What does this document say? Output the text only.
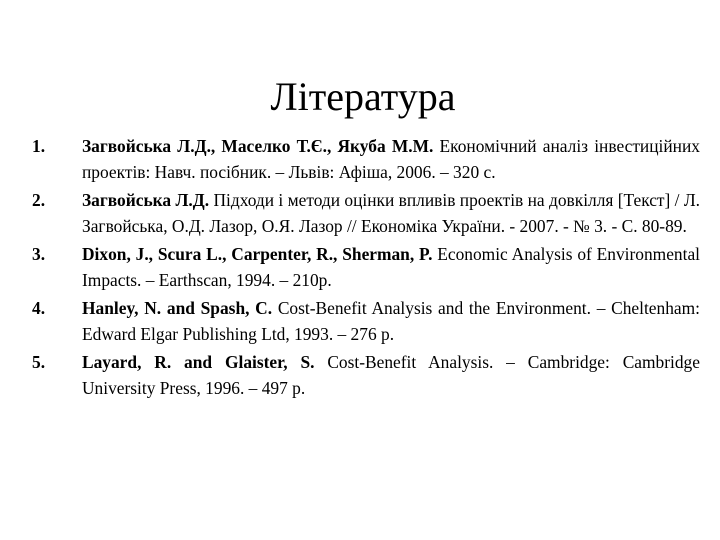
Література
1.	Загвойська Л.Д., Маселко Т.Є., Якуба М.М. Економічний аналіз інвестиційних проектів: Навч. посібник. – Львів: Афіша, 2006. – 320 с.
2.	Загвойська Л.Д. Підходи і методи оцінки впливів проектів на довкілля [Текст] / Л. Загвойська, О.Д. Лазор, О.Я. Лазор // Економіка України. - 2007. - № 3. - С. 80-89.
3.	Dixon, J., Scura L., Carpenter, R., Sherman, P. Economic Analysis of Environmental Impacts. – Earthscan, 1994. – 210p.
4.	Hanley, N. and Spash, C. Cost-Benefit Analysis and the Environment. – Cheltenham: Edward Elgar Publishing Ltd, 1993. – 276 p.
5.	Layard, R. and Glaister, S. Cost-Benefit Analysis. – Cambridge: Cambridge University Press, 1996. – 497 p.
